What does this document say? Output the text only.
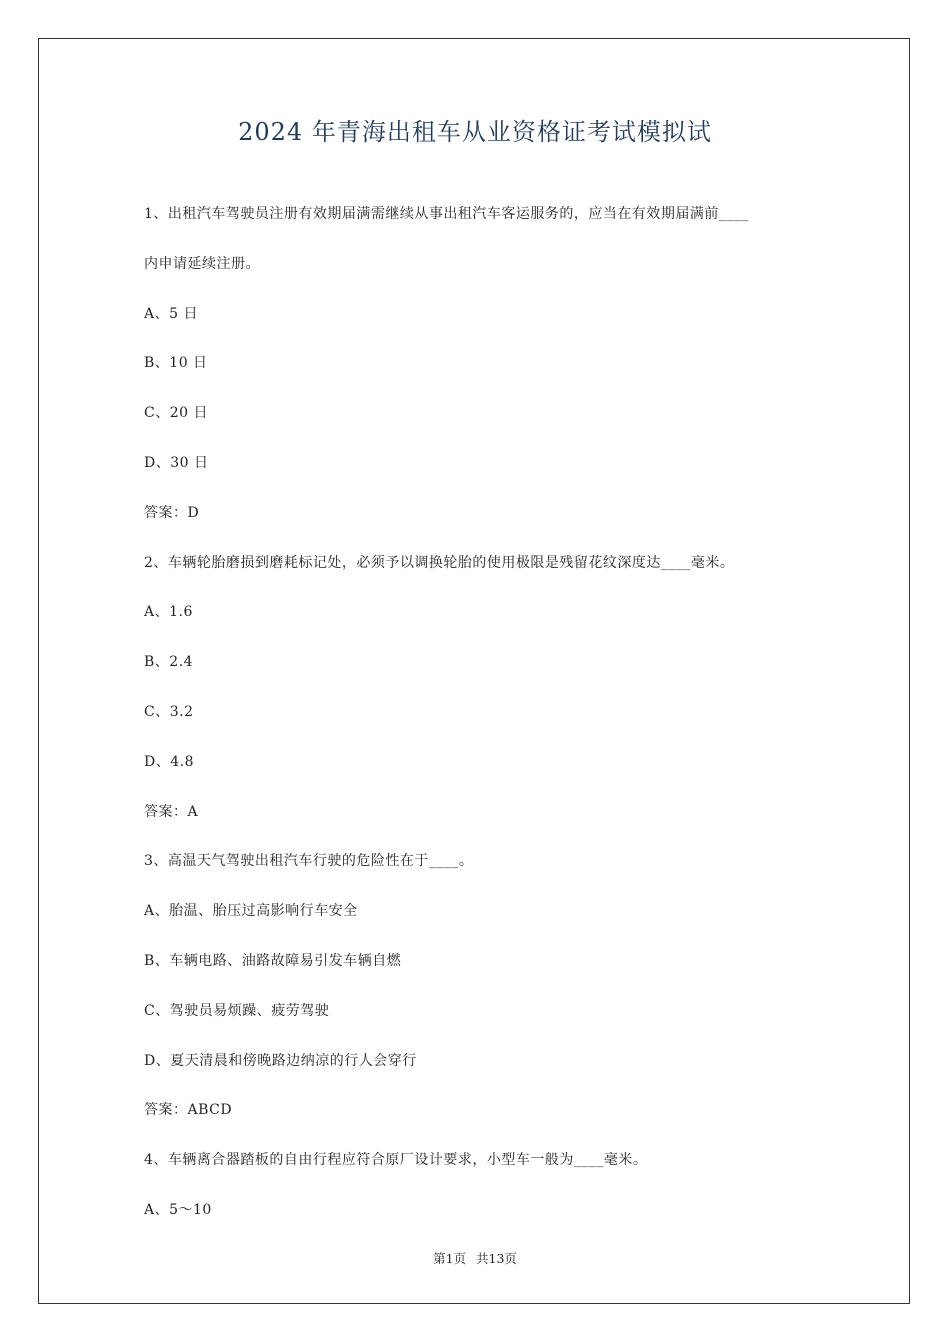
2024 年青海出租车从业资格证考试模拟试
1、出租汽车驾驶员注册有效期届满需继续从事出租汽车客运服务的，应当在有效期届满前____
内申请延续注册。
A、5 日
B、10 日
C、20 日
D、30 日
答案：D
2、车辆轮胎磨损到磨耗标记处，必须予以调换轮胎的使用极限是残留花纹深度达____毫米。
A、1.6
B、2.4
C、3.2
D、4.8
答案：A
3、高温天气驾驶出租汽车行驶的危险性在于____。
A、胎温、胎压过高影响行车安全
B、车辆电路、油路故障易引发车辆自燃
C、驾驶员易烦躁、疲劳驾驶
D、夏天清晨和傍晚路边纳凉的行人会穿行
答案：ABCD
4、车辆离合器踏板的自由行程应符合原厂设计要求，小型车一般为____毫米。
A、5～10
第1页 共13页
